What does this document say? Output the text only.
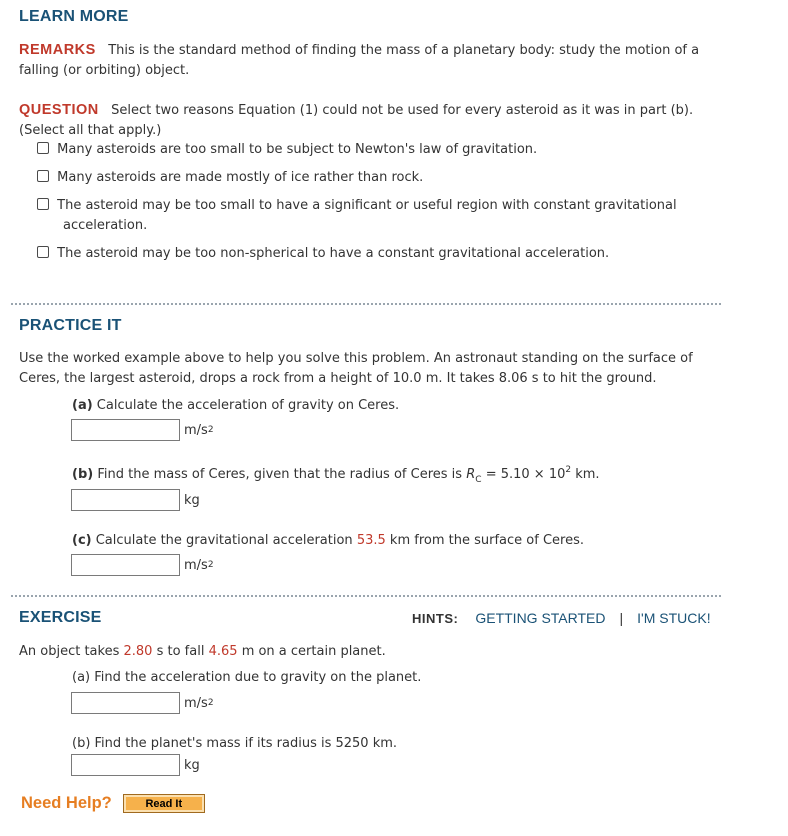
LEARN MORE
REMARKS This is the standard method of finding the mass of a planetary body: study the motion of a
falling (or orbiting) object.
QUESTION Select two reasons Equation (1) could not be used for every asteroid as it was in part (b).
(Select all that apply.)
Many asteroids are too small to be subject to Newton's law of gravitation.
Many asteroids are made mostly of ice rather than rock.
The asteroid may be too small to have a significant or useful region with constant gravitational
acceleration.
The asteroid may be too non-spherical to have a constant gravitational acceleration.
PRACTICE IT
Use the worked example above to help you solve this problem. An astronaut standing on the surface of
Ceres, the largest asteroid, drops a rock from a height of 10.0 m. It takes 8.06 s to hit the ground.
(a) Calculate the acceleration of gravity on Ceres.
m/s 2
(b) Find the mass of Ceres, given that the radius of Ceres is $R_C = 5.10 \times 10^2$ km.
kg
(c) Calculate the gravitational acceleration 53.5 km from the surface of Ceres.
m/s 2
EXERCISE	HINTS: GETTING STARTED | I'M STUCK!
An object takes 2.80 s to fall 4.65 m on a certain planet.
(a) Find the acceleration due to gravity on the planet.
m/s 2
(b) Find the planet's mass if its radius is 5250 km.
kg
Need Help?	Read It
